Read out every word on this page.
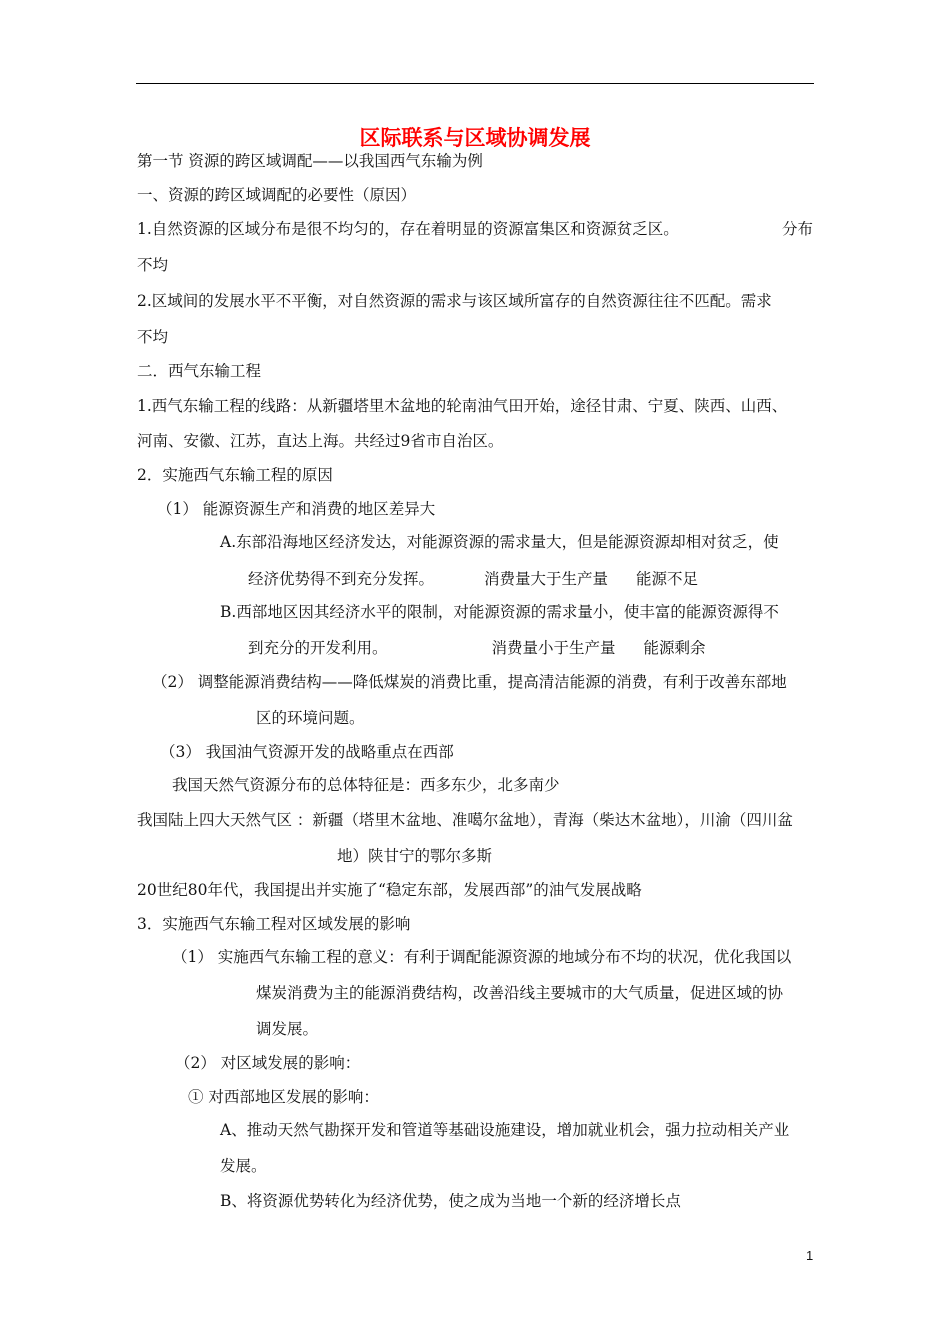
区际联系与区域协调发展
第一节 资源的跨区域调配——以我国西气东输为例
一、资源的跨区域调配的必要性（原因）
1.自然资源的区域分布是很不均匀的，存在着明显的资源富集区和资源贫乏区。	分布
不均
2.区域间的发展水平不平衡，对自然资源的需求与该区域所富存的自然资源往往不匹配。需求
不均
二．西气东输工程
1.西气东输工程的线路：从新疆塔里木盆地的轮南油气田开始，途径甘肃、宁夏、陕西、山西、
河南、安徽、江苏，直达上海。共经过9省市自治区。
2．实施西气东输工程的原因
（1） 能源资源生产和消费的地区差异大
A.东部沿海地区经济发达，对能源资源的需求量大，但是能源资源却相对贫乏，使
经济优势得不到充分发挥。	消费量大于生产量 能源不足
B.西部地区因其经济水平的限制，对能源资源的需求量小，使丰富的能源资源得不
到充分的开发利用。	消费量小于生产量 能源剩余
（2） 调整能源消费结构——降低煤炭的消费比重，提高清洁能源的消费，有利于改善东部地
区的环境问题。
（3） 我国油气资源开发的战略重点在西部
我国天然气资源分布的总体特征是：西多东少，北多南少
我国陆上四大天然气区 ：新疆（塔里木盆地、准噶尔盆地），青海（柴达木盆地），川渝（四川盆
地）陕甘宁的鄂尔多斯
20世纪80年代，我国提出并实施了“稳定东部，发展西部”的油气发展战略
3．实施西气东输工程对区域发展的影响
（1） 实施西气东输工程的意义：有利于调配能源资源的地域分布不均的状况，优化我国以
煤炭消费为主的能源消费结构，改善沿线主要城市的大气质量，促进区域的协
调发展。
（2） 对区域发展的影响：
① 对西部地区发展的影响：
A、推动天然气勘探开发和管道等基础设施建设，增加就业机会，强力拉动相关产业
发展。
B、将资源优势转化为经济优势，使之成为当地一个新的经济增长点
1
